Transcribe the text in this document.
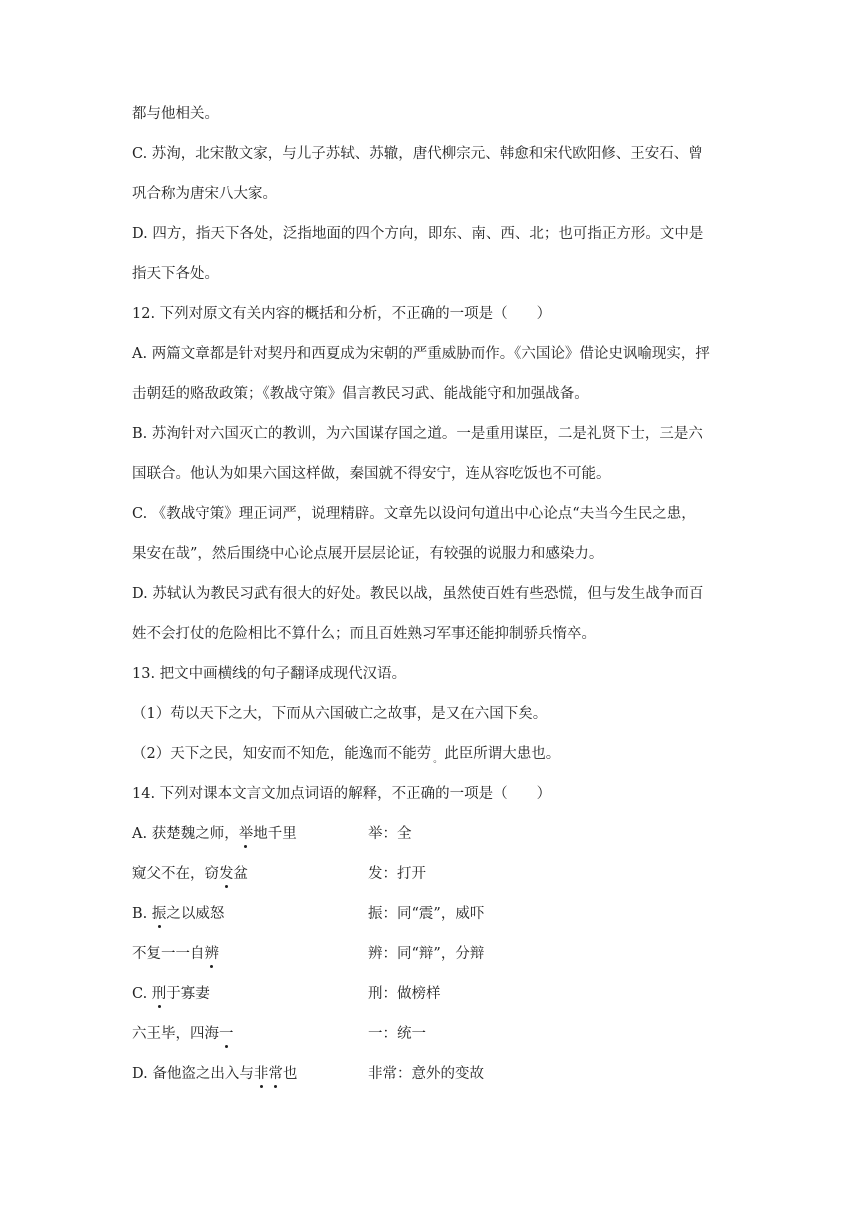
都与他相关。
C. 苏洵，北宋散文家，与儿子苏轼、苏辙，唐代柳宗元、韩愈和宋代欧阳修、王安石、曾
巩合称为唐宋八大家。
D. 四方，指天下各处，泛指地面的四个方向，即东、南、西、北；也可指正方形。文中是
指天下各处。
12. 下列对原文有关内容的概括和分析，不正确的一项是（　　）
A. 两篇文章都是针对契丹和西夏成为宋朝的严重威胁而作。《六国论》借论史讽喻现实，抨
击朝廷的赂敌政策；《教战守策》倡言教民习武、能战能守和加强战备。
B. 苏洵针对六国灭亡的教训，为六国谋存国之道。一是重用谋臣，二是礼贤下士，三是六
国联合。他认为如果六国这样做，秦国就不得安宁，连从容吃饭也不可能。
C. 《教战守策》理正词严，说理精辟。文章先以设问句道出中心论点“夫当今生民之患，
果安在哉”，然后围绕中心论点展开层层论证，有较强的说服力和感染力。
D. 苏轼认为教民习武有很大的好处。教民以战，虽然使百姓有些恐慌，但与发生战争而百
姓不会打仗的危险相比不算什么；而且百姓熟习军事还能抑制骄兵惰卒。
13. 把文中画横线的句子翻译成现代汉语。
（1）苟以天下之大，下而从六国破亡之故事，是又在六国下矣。
（2）天下之民，知安而不知危，能逸而不能劳 $_。$ 此臣所谓大患也。
14. 下列对课本文言文加点词语的解释，不正确的一项是（　　）
A. 获楚魏之师，举地千里	举：全
窥父不在，窃发盆	发：打开
B. 振之以威怒	振：同“震”，威吓
不复一一自辨	辨：同“辩”，分辩
C. 刑于寡妻	刑：做榜样
六王毕，四海一	一：统一
D. 备他盗之出入与非常也	非常：意外的变故
